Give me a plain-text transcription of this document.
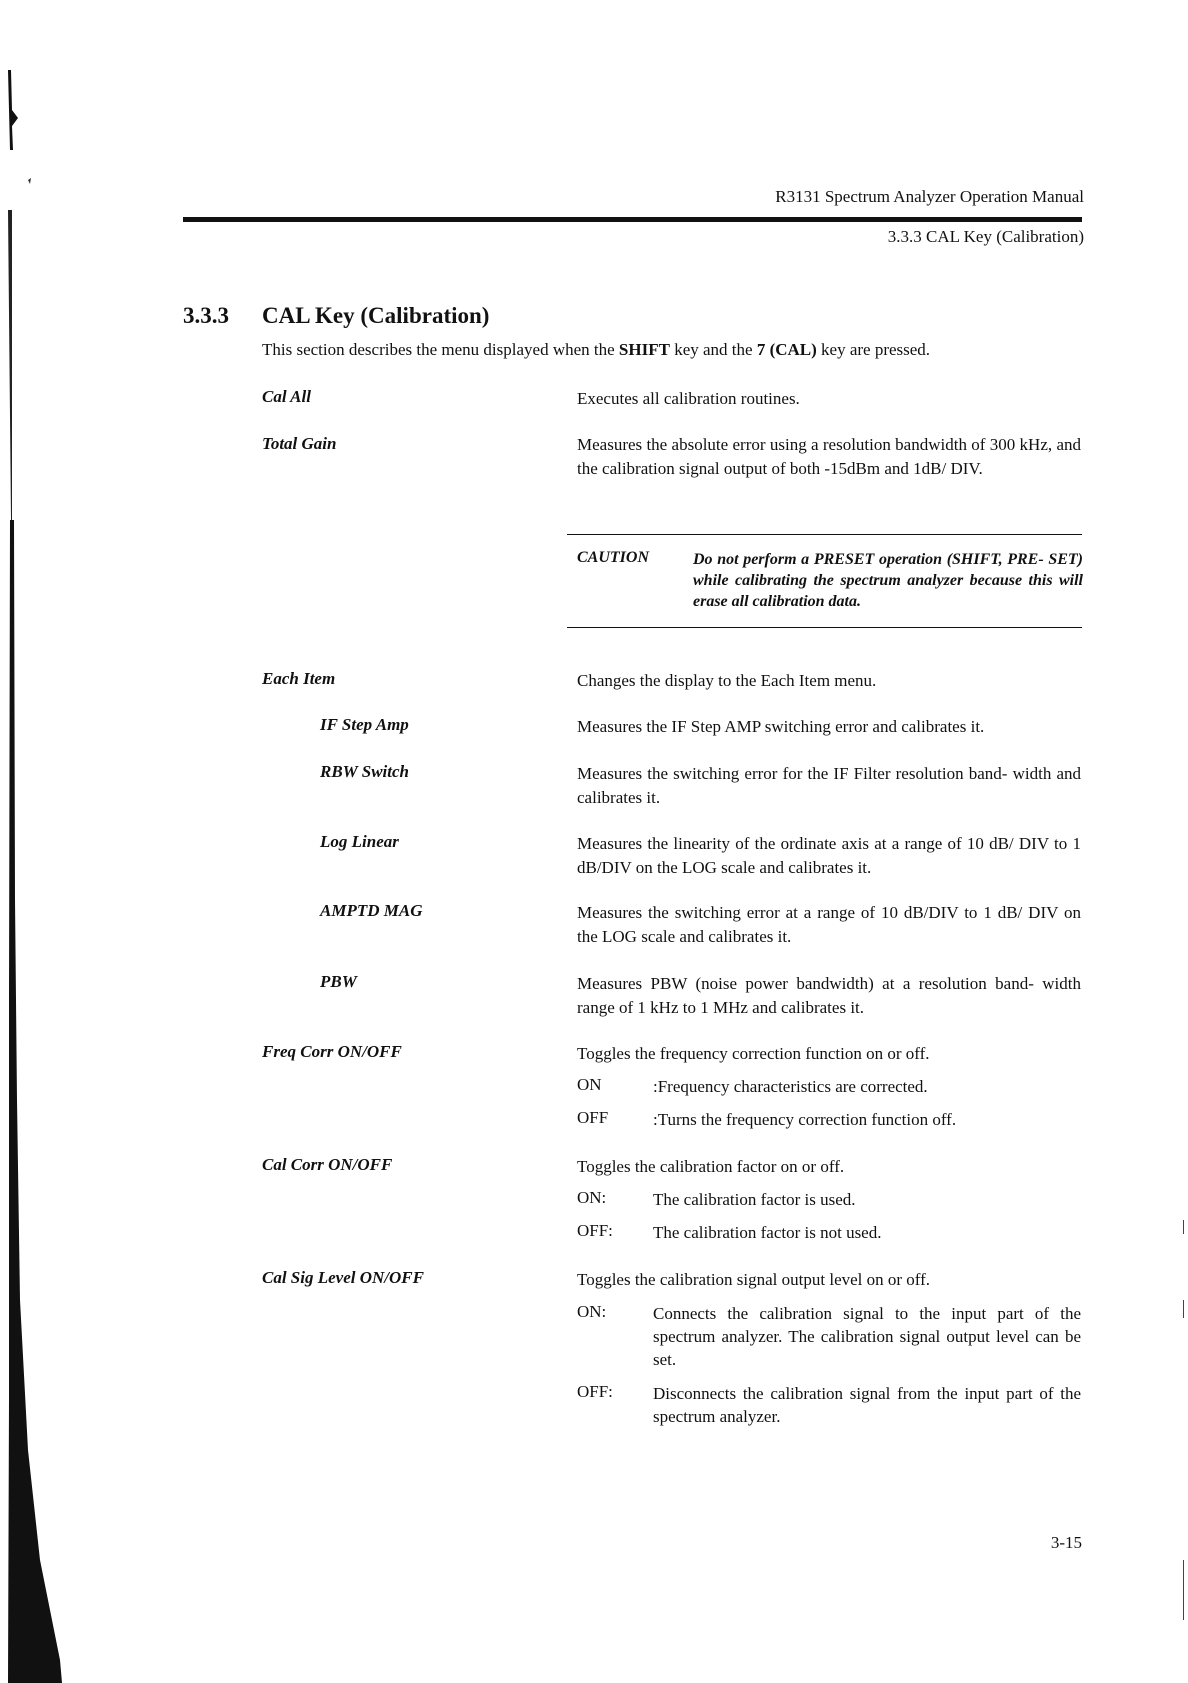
R3131 Spectrum Analyzer Operation Manual
3.3.3 CAL Key (Calibration)
3.3.3 CAL Key (Calibration)
This section describes the menu displayed when the SHIFT key and the 7 (CAL) key are pressed.
Cal All	Executes all calibration routines.
Total Gain	Measures the absolute error using a resolution bandwidth of 300 kHz, and the calibration signal output of both -15dBm and 1dB/ DIV.
CAUTION	Do not perform a PRESET operation (SHIFT, PRE- SET) while calibrating the spectrum analyzer because this will erase all calibration data.
Each Item	Changes the display to the Each Item menu.
IF Step Amp	Measures the IF Step AMP switching error and calibrates it.
RBW Switch	Measures the switching error for the IF Filter resolution band- width and calibrates it.
Log Linear	Measures the linearity of the ordinate axis at a range of 10 dB/ DIV to 1 dB/DIV on the LOG scale and calibrates it.
AMPTD MAG	Measures the switching error at a range of 10 dB/DIV to 1 dB/ DIV on the LOG scale and calibrates it.
PBW	Measures PBW (noise power bandwidth) at a resolution band- width range of 1 kHz to 1 MHz and calibrates it.
Freq Corr ON/OFF	Toggles the frequency correction function on or off.
ON	:Frequency characteristics are corrected.
OFF	:Turns the frequency correction function off.
Cal Corr ON/OFF	Toggles the calibration factor on or off.
ON:	The calibration factor is used.
OFF: The calibration factor is not used.
Cal Sig Level ON/OFF	Toggles the calibration signal output level on or off.
ON:	Connects the calibration signal to the input part of the spectrum analyzer. The calibration signal output level can be set.
OFF: Disconnects the calibration signal from the input part of the spectrum analyzer.
3-15
